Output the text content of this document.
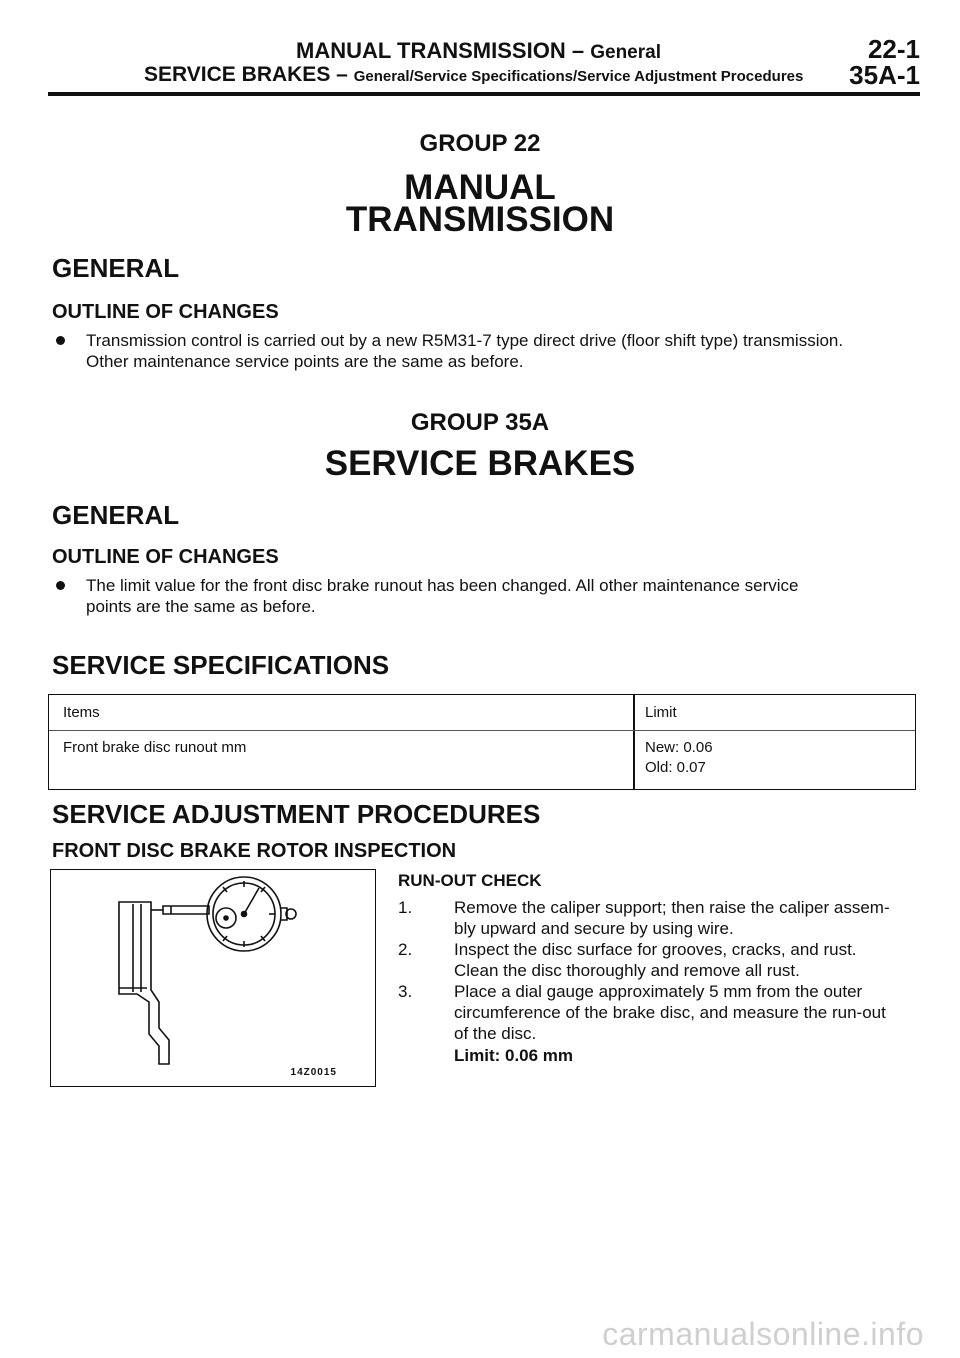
MANUAL TRANSMISSION – General	22-1
SERVICE BRAKES – General/Service Specifications/Service Adjustment Procedures 35A-1
GROUP 22
MANUAL
TRANSMISSION
GENERAL
OUTLINE OF CHANGES
Transmission control is carried out by a new R5M31-7 type direct drive (floor shift type) transmission.
Other maintenance service points are the same as before.
GROUP 35A
SERVICE BRAKES
GENERAL
OUTLINE OF CHANGES
The limit value for the front disc brake runout has been changed. All other maintenance service
points are the same as before.
SERVICE SPECIFICATIONS
Items	Limit
Front brake disc runout mm	New: 0.06
Old: 0.07
SERVICE ADJUSTMENT PROCEDURES
FRONT DISC BRAKE ROTOR INSPECTION
14Z0015
RUN-OUT CHECK
1. Remove the caliper support; then raise the caliper assem-
bly upward and secure by using wire.
2. Inspect the disc surface for grooves, cracks, and rust.
Clean the disc thoroughly and remove all rust.
3. Place a dial gauge approximately 5 mm from the outer
circumference of the brake disc, and measure the run-out
of the disc.
Limit: 0.06 mm
carmanualsonline.info
